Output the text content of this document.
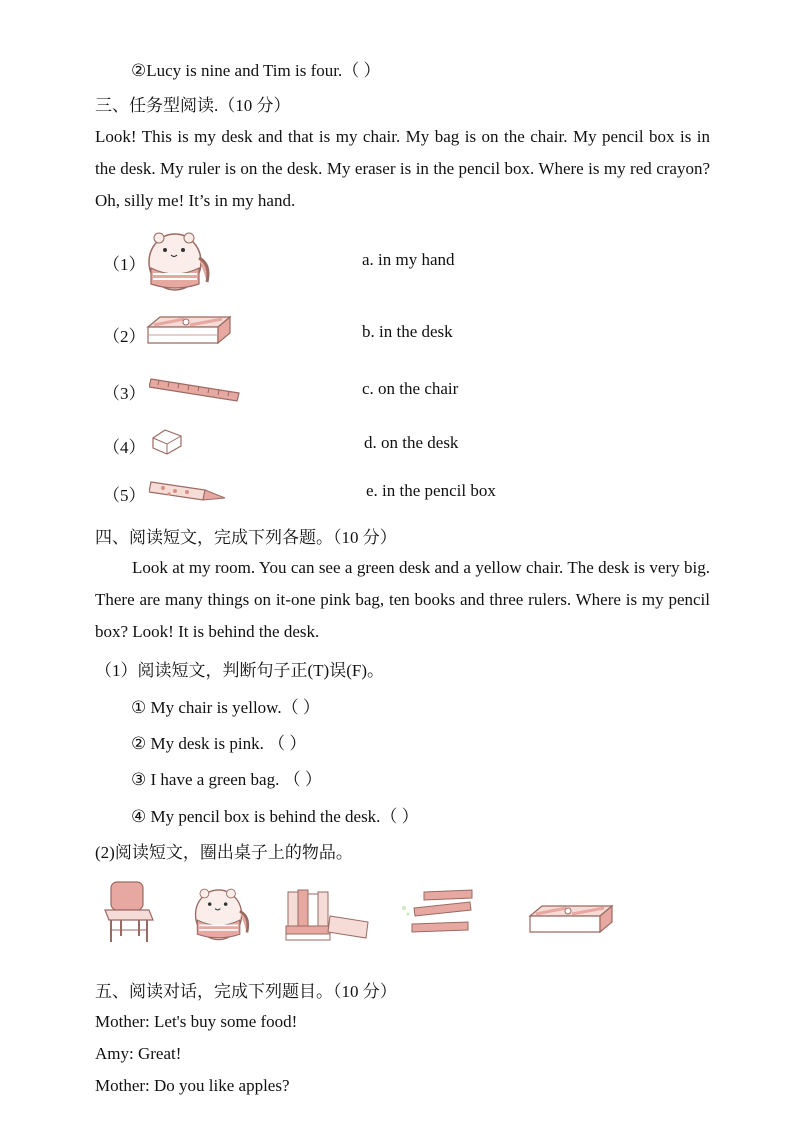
②Lucy is nine and Tim is four.（ ）
三、任务型阅读.（10 分）
Look! This is my desk and that is my chair. My bag is on the chair. My pencil box is in the desk. My ruler is on the desk. My eraser is in the pencil box. Where is my red crayon? Oh, silly me! It’s in my hand.
（1）	a. in my hand
（2）	b. in the desk
（3）	c. on the chair
（4）	d. on the desk
（5）	e. in the pencil box
四、阅读短文，完成下列各题。（10 分）
Look at my room. You can see a green desk and a yellow chair. The desk is very big. There are many things on it-one pink bag, ten books and three rulers. Where is my pencil box? Look! It is behind the desk.
（1）阅读短文，判断句子正(T)误(F)。
① My chair is yellow.（ ）
② My desk is pink. （ ）
③ I have a green bag. （ ）
④ My pencil box is behind the desk.（ ）
(2)阅读短文，圈出桌子上的物品。
五、阅读对话，完成下列题目。（10 分）
Mother: Let's buy some food!
Amy: Great!
Mother: Do you like apples?
